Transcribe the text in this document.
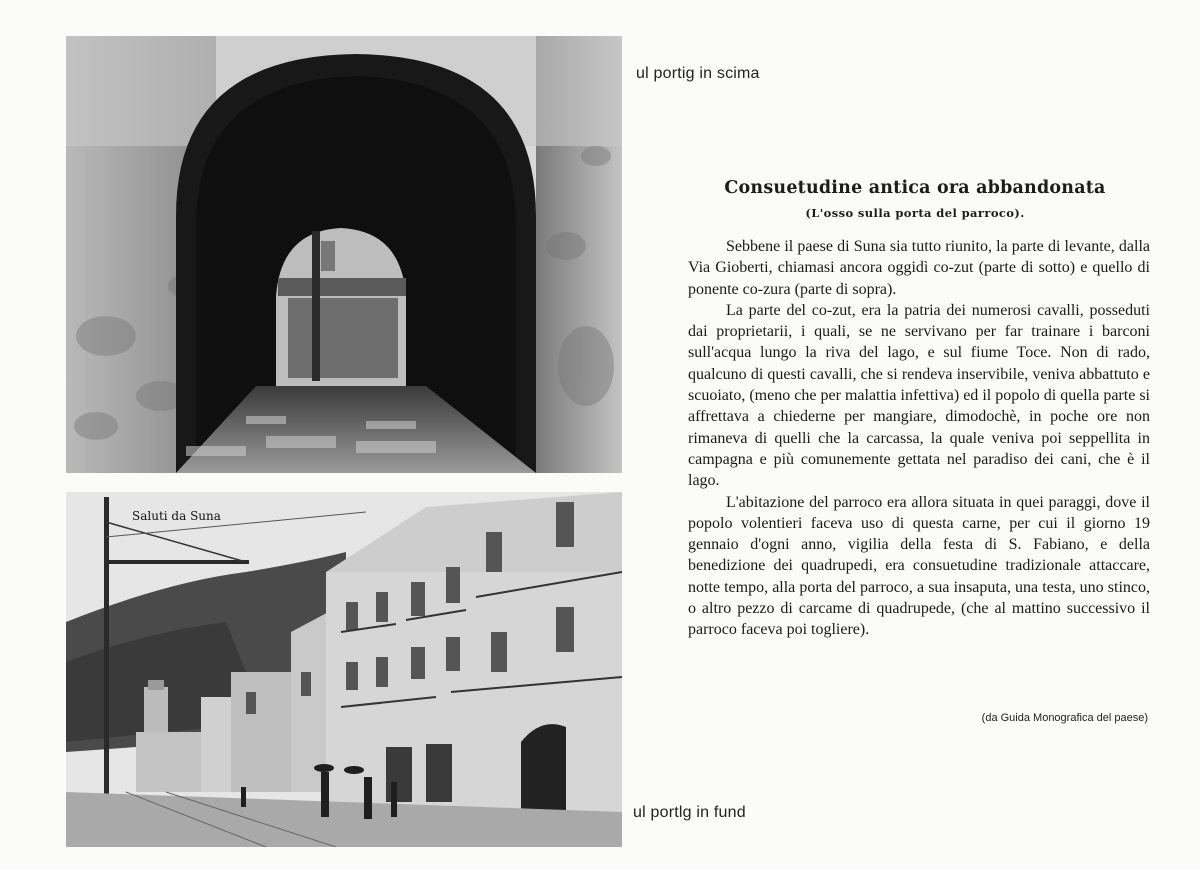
ul portig in scima
Saluti da Suna
ul portlg in fund
Consuetudine antica ora abbandonata
(L'osso sulla porta del parroco).

Sebbene il paese di Suna sia tutto riunito, la parte di levante, dalla Via Gioberti, chiamasi ancora oggidì co-zut (parte di sotto) e quello di ponente co-zura (parte di sopra).

La parte del co-zut, era la patria dei numerosi cavalli, posseduti dai proprietarii, i quali, se ne servivano per far trainare i barconi sull'acqua lungo la riva del lago, e sul fiume Toce. Non di rado, qualcuno di questi cavalli, che si rendeva inservibile, veniva abbattuto e scuoiato, (meno che per malattia infettiva) ed il popolo di quella parte si affrettava a chiederne per mangiare, dimodochè, in poche ore non rimaneva di quelli che la carcassa, la quale veniva poi seppellita in campagna e più comunemente gettata nel paradiso dei cani, che è il lago.

L'abitazione del parroco era allora situata in quei paraggi, dove il popolo volentieri faceva uso di questa carne, per cui il giorno 19 gennaio d'ogni anno, vigilia della festa di S. Fabiano, e della benedizione dei quadrupedi, era consuetudine tradizionale attaccare, notte tempo, alla porta del parroco, a sua insaputa, una testa, uno stinco, o altro pezzo di carcame di quadrupede, (che al mattino successivo il parroco faceva poi togliere).

(da Guida Monografica del paese)
